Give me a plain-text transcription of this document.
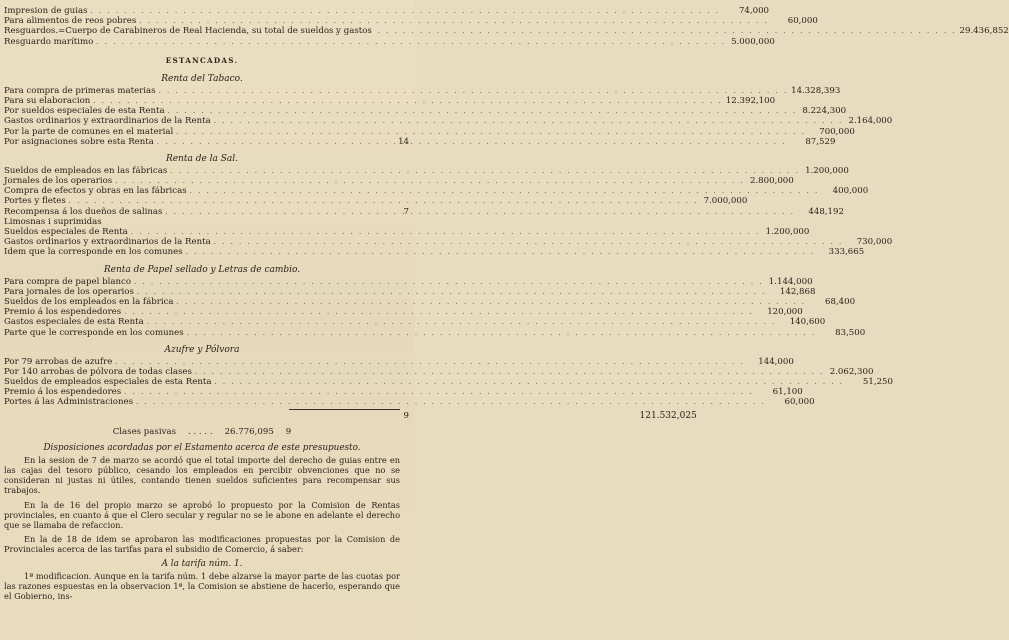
Impresion de guias . . .	74,000
Para alimentos de reos pobres . . .	60,000
Resguardos.=Cuerpo de Carabineros de Real Hacienda, su total de sueldos y gastos . . .	29.436,852
Resguardo marítimo . . .	5.000,000
ESTANCADAS.
Renta del Tabaco.
Para compra de primeras materias . . .	14.328,393
Para su elaboracion . . .	12.392,100
Por sueldos especiales de esta Renta . . .	8.224,300
Gastos ordinarios y extraordinarios de la Renta . . .	2.164,000
Por la parte de comunes en el material . . .	700,000
Por asignaciones sobre esta Renta . . .	87,529
14
Renta de la Sal.
Sueldos de empleados en las fábricas . . .	1.200,000
Jornales de los operarios . . .	2.800,000
Compra de efectos y obras en las fábricas . . .	400,000
Portes y fletes . . .	7.000,000
Recompensa á los dueños de salinas . . .	448,192
7
Limosnas i suprimidas
Sueldos especiales de Renta . . .	1.200,000
Gastos ordinarios y extraordinarios de la Renta . . .	730,000
Idem que la corresponde en los comunes . . .	333,665
Renta de Papel sellado y Letras de cambio.
Para compra de papel blanco . . .	1.144,000
Para jornales de los operarios . . .	142,868
Sueldos de los empleados en la fábrica . . .	68,400
Premio á los espendedores . . .	120,000
Gastos especiales de esta Renta . . .	140,600
Parte que le corresponde en los comunes . . .	83,500
Azufre y Pólvora
Por 79 arrobas de azufre . . .	144,000
Por 140 arrobas de pólvora de todas clases . . .	2.062,300
Sueldos de empleados especiales de esta Renta . . .	51,250
Premio á los espendedores . . .	61,100
Portes á las Administraciones . . .	60,000
121.532,025
9
Clases pasivas . . . . . 26.776,095 9
Disposiciones acordadas por el Estamento acerca de este presupuesto.

En la sesion de 7 de marzo se acordó que el total importe del derecho de guias entre en las cajas del tesoro público, cesando los empleados en percibir obvenciones que no se consideran ni justas ni útiles, contando tienen sueldos suficientes para recompensar sus trabajos.

En la de 16 del propio marzo se aprobó lo propuesto por la Comision de Rentas provinciales, en cuanto á que el Clero secular y regular no se le abone en adelante el derecho que se llamaba de refaccion.

En la de 18 de idem se aprobaron las modificaciones propuestas por la Comision de Provinciales acerca de las tarifas para el subsidio de Comercio, á saber:

A la tarifa núm. 1.

1ª modificacion. Aunque en la tarifa núm. 1 debe alzarse la mayor parte de las cuotas por las razones espuestas en la observacion 1ª, la Comision se abstiene de hacerlo, esperando que el Gobierno, ins-
